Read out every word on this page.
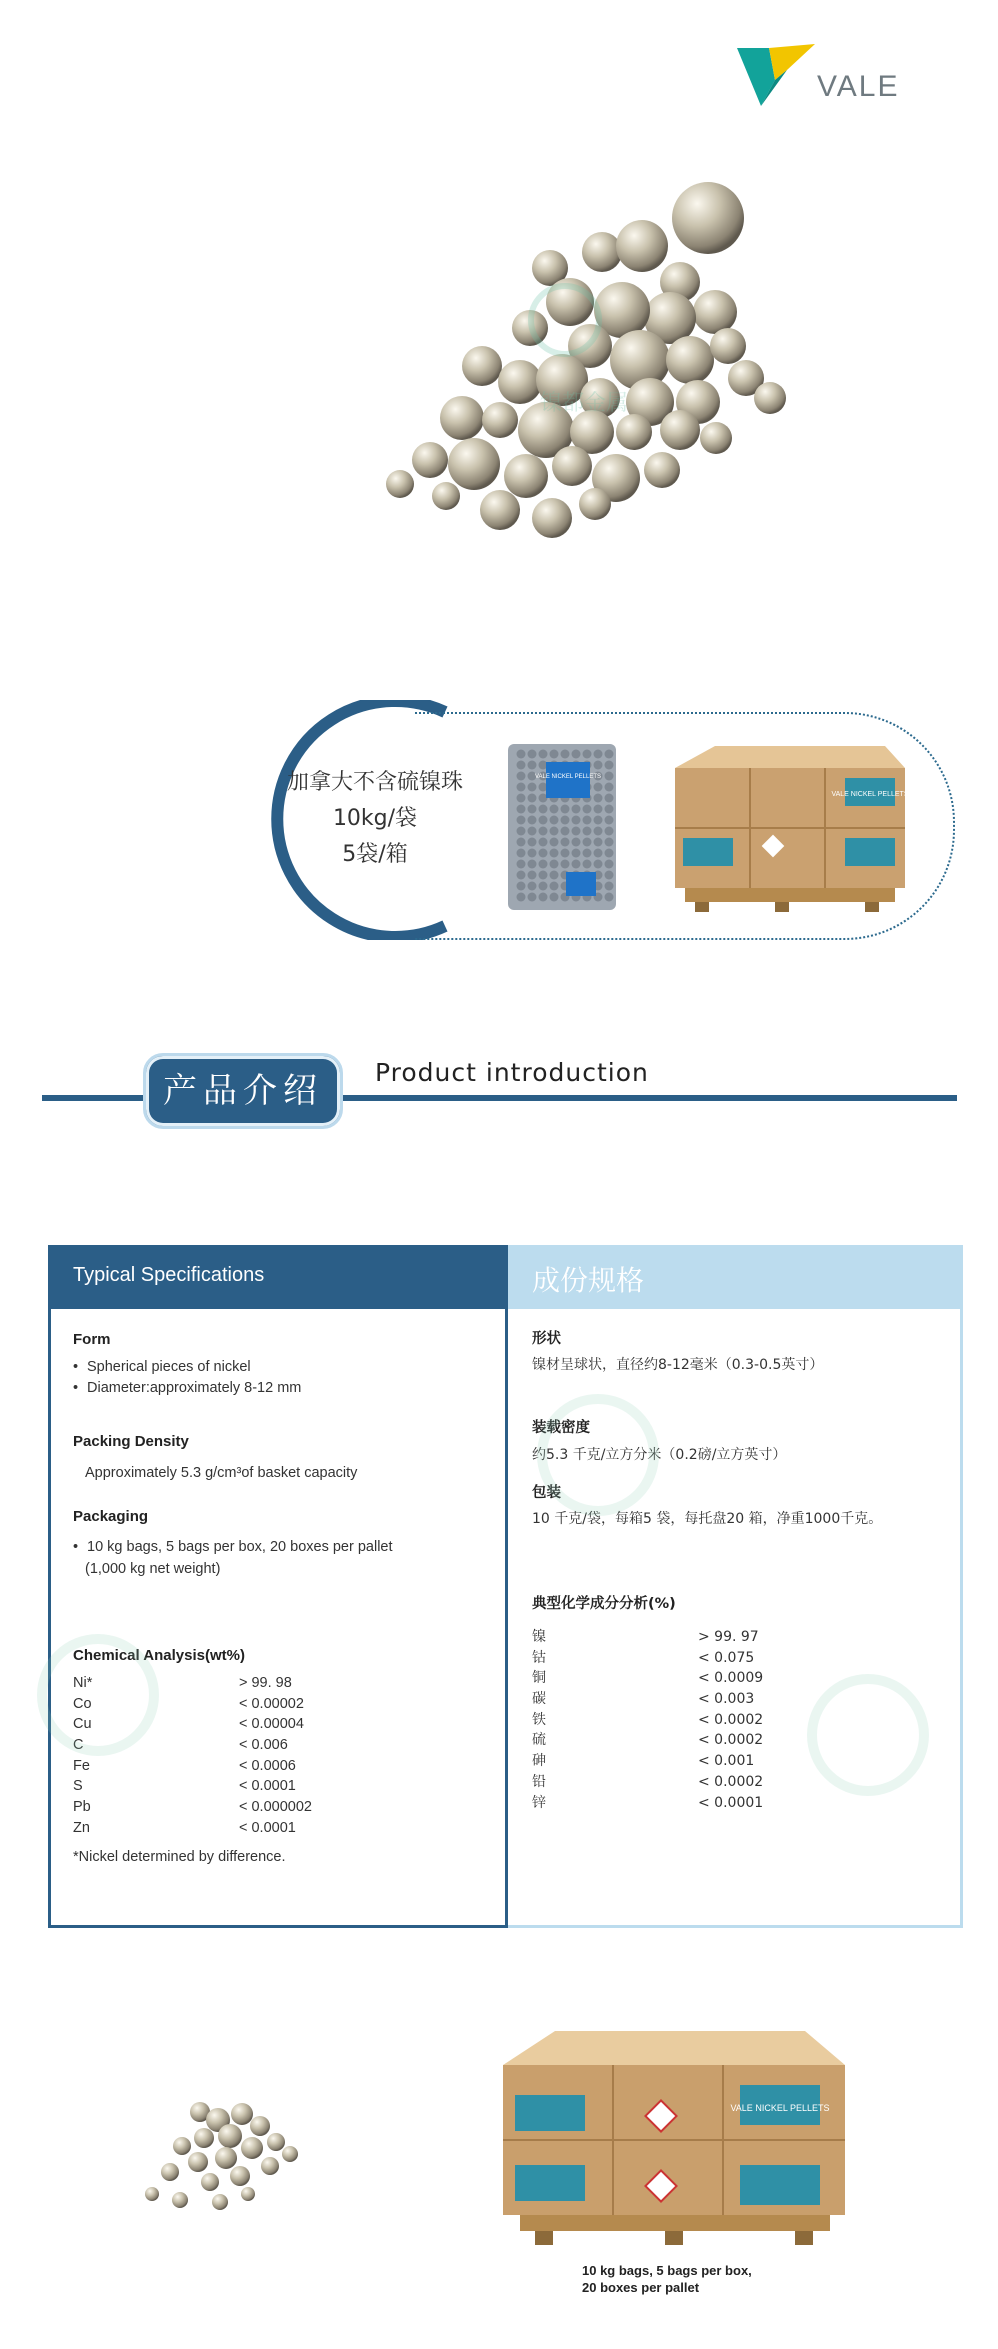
VALE
镍都金属
加拿大不含硫镍珠
10kg/袋
5袋/箱
VALE NICKEL PELLETS
VALE NICKEL PELLETS
产品介绍	Product introduction
Typical Specifications
Form
• Spherical pieces of nickel
• Diameter:approximately 8-12 mm
Packing Density
Approximately 5.3 g/cm³of basket capacity
Packaging
• 10 kg bags, 5 bags per box, 20 boxes per pallet
(1,000 kg net weight)
Chemical Analysis(wt%)
Ni*	> 99. 98
Co	< 0.00002
Cu	< 0.00004
C	< 0.006
Fe	< 0.0006
S	< 0.0001
Pb	< 0.000002
Zn	< 0.0001
*Nickel determined by difference.
成份规格
形状
镍材呈球状，直径约8-12毫米（0.3-0.5英寸）
装载密度
约5.3 千克/立方分米（0.2磅/立方英寸）
包装
10 千克/袋，每箱5 袋，每托盘20 箱，净重1000千克。
典型化学成分分析(%)
镍	> 99. 97
钴	< 0.075
铜	< 0.0009
碳	< 0.003
铁	< 0.0002
硫	< 0.0002
砷	< 0.001
铅	< 0.0002
锌	< 0.0001
VALE NICKEL PELLETS
10 kg bags, 5 bags per box,
20 boxes per pallet
